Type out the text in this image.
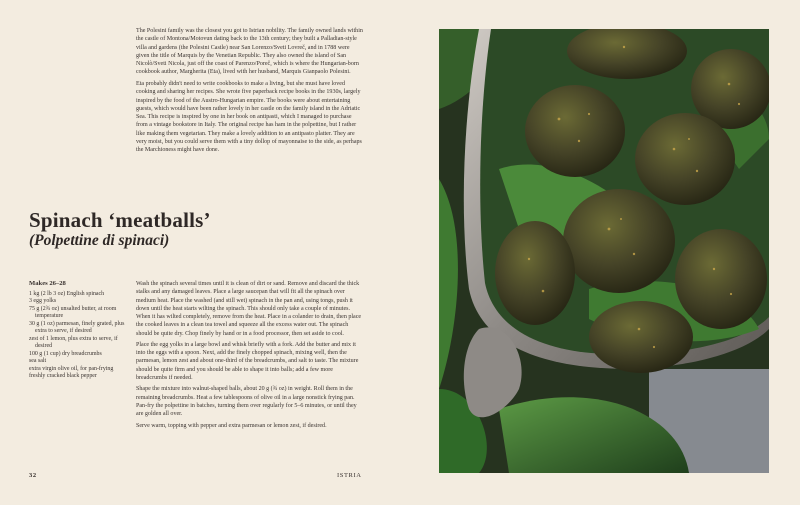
The Polesini family was the closest you got to Istrian nobility. The family owned lands within the castle of Montona/Motovun dating back to the 13th century; they built a Palladian-style villa and gardens (the Polesini Castle) near San Lorenzo/Sveti Lovreč, and in 1788 were given the title of Marquis by the Venetian Republic. They also owned the island of San Nicolò/Sveti Nicola, just off the coast of Parenzo/Poreč, which is where the Hungarian-born cookbook author, Margherita (Eta), lived with her husband, Marquis Gianpaolo Polesini.

Eta probably didn't need to write cookbooks to make a living, but she must have loved cooking and sharing her recipes. She wrote five paperback recipe books in the 1930s, largely inspired by the food of the Austro-Hungarian empire. The books were about entertaining guests, which would have been rather lovely in her castle on the family island in the Adriatic Sea. This recipe is inspired by one in her book on antipasti, which I managed to purchase from a vintage bookstore in Italy. The original recipe has ham in the polpettine, but I rather like making them vegetarian. They make a lovely addition to an antipasto platter. They are very moist, but you could serve them with a tiny dollop of mayonnaise to the side, as perhaps the Marchioness might have done.

Spinach ‘meatballs’
(Polpettine di spinaci)
Makes 26–28
1 kg (2 lb 3 oz) English spinach
3 egg yolks
75 g (2¾ oz) unsalted butter, at room temperature
30 g (1 oz) parmesan, finely grated, plus extra to serve, if desired
zest of 1 lemon, plus extra to serve, if desired
100 g (1 cup) dry breadcrumbs
sea salt
extra virgin olive oil, for pan-frying
freshly cracked black pepper

Wash the spinach several times until it is clean of dirt or sand. Remove and discard the thick stalks and any damaged leaves. Place a large saucepan that will fit all the spinach over medium heat. Place the washed (and still wet) spinach in the pan and, using tongs, push it down until the heat starts wilting the spinach. This should only take a couple of minutes. When it has wilted completely, remove from the heat. Place in a colander to drain, then place the cooked leaves in a clean tea towel and squeeze all the excess water out. The spinach should be quite dry. Chop finely by hand or in a food processor, then set aside to cool.

Place the egg yolks in a large bowl and whisk briefly with a fork. Add the butter and mix it into the eggs with a spoon. Next, add the finely chopped spinach, mixing well, then the parmesan, lemon zest and about one-third of the breadcrumbs, and salt to taste. The mixture should be quite firm and you should be able to shape it into balls; add a few more breadcrumbs if needed.

Shape the mixture into walnut-shaped balls, about 20 g (¾ oz) in weight. Roll them in the remaining breadcrumbs. Heat a few tablespoons of olive oil in a large nonstick frying pan. Pan-fry the polpettine in batches, turning them over regularly for 5–6 minutes, or until they are golden all over.

Serve warm, topping with pepper and extra parmesan or lemon zest, if desired.

32	ISTRIA
